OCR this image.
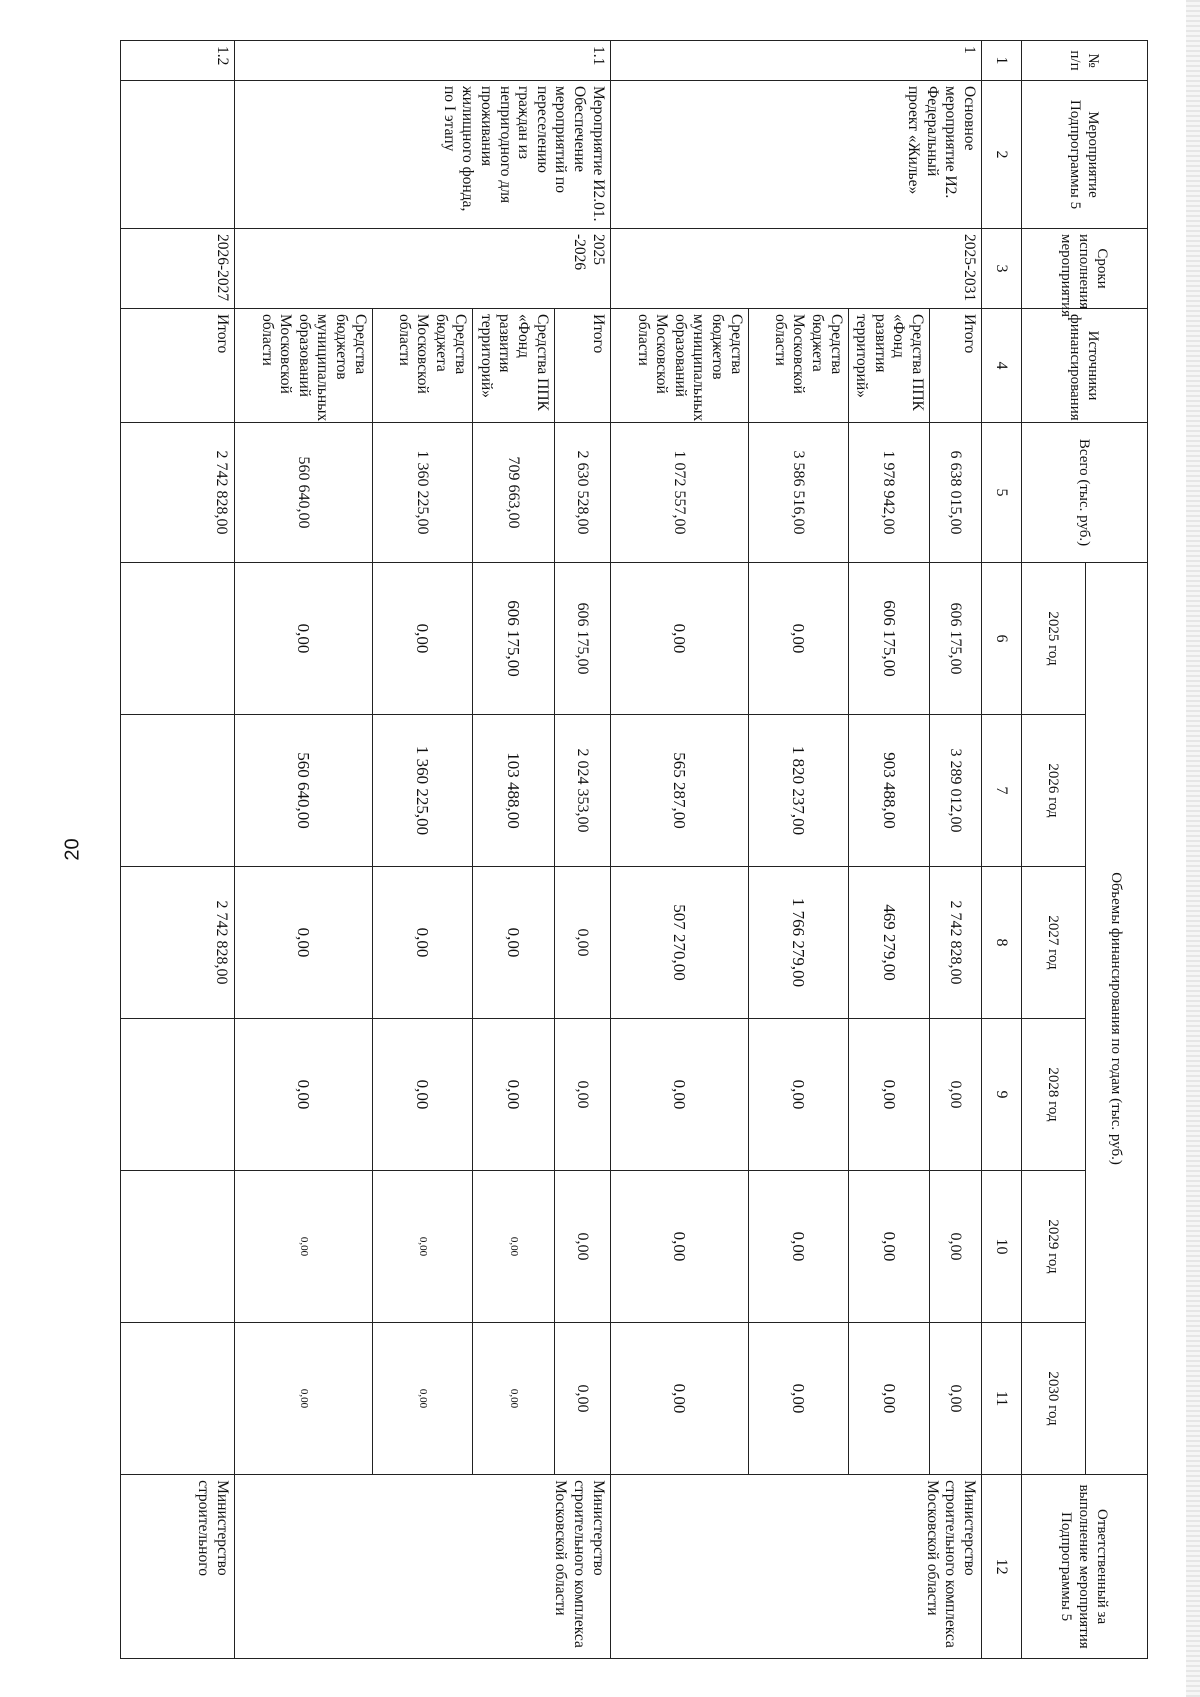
20
№ п/п	Мероприятие Подпрограммы 5	Сроки исполнения мероприятия	Источники финансирования	Всего (тыс. руб.)	Объемы финансирования по годам (тыс. руб.)						Ответственный за выполнение мероприятия Подпрограммы 5
					2025 год	2026 год	2027 год	2028 год	2029 год	2030 год	
1	2	3	4	5	6	7	8	9	10	11	12
1	Основное мероприятие И2. Федеральный проект «Жилье»	2025-2031	Итого	6 638 015,00	606 175,00	3 289 012,00	2 742 828,00	0,00	0,00	0,00	Министерство строительного комплекса Московской области
			Средства ППК «Фонд развития территорий»	1 978 942,00	606 175,00	903 488,00	469 279,00	0,00	0,00	0,00	
			Средства бюджета Московской области	3 586 516,00	0,00	1 820 237,00	1 766 279,00	0,00	0,00	0,00	
			Средства бюджетов муниципальных образований Московской области	1 072 557,00	0,00	565 287,00	507 270,00	0,00	0,00	0,00	
1.1	Мероприятие И2.01. Обеспечение мероприятий по переселению граждан из непригодного для проживания жилищного фонда, по I этапу	2025 -2026	Итого	2 630 528,00	606 175,00	2 024 353,00	0,00	0,00	0,00	0,00	Министерство строительного комплекса Московской области
			Средства ППК «Фонд развития территорий»	709 663,00	606 175,00	103 488,00	0,00	0,00	0,00	0,00	
			Средства бюджета Московской области	1 360 225,00	0,00	1 360 225,00	0,00	0,00	0,00	0,00	
			Средства бюджетов муниципальных образований Московской области	560 640,00	0,00	560 640,00	0,00	0,00	0,00	0,00	
1.2		2026-2027	Итого	2 742 828,00			2 742 828,00				Министерство строительного
